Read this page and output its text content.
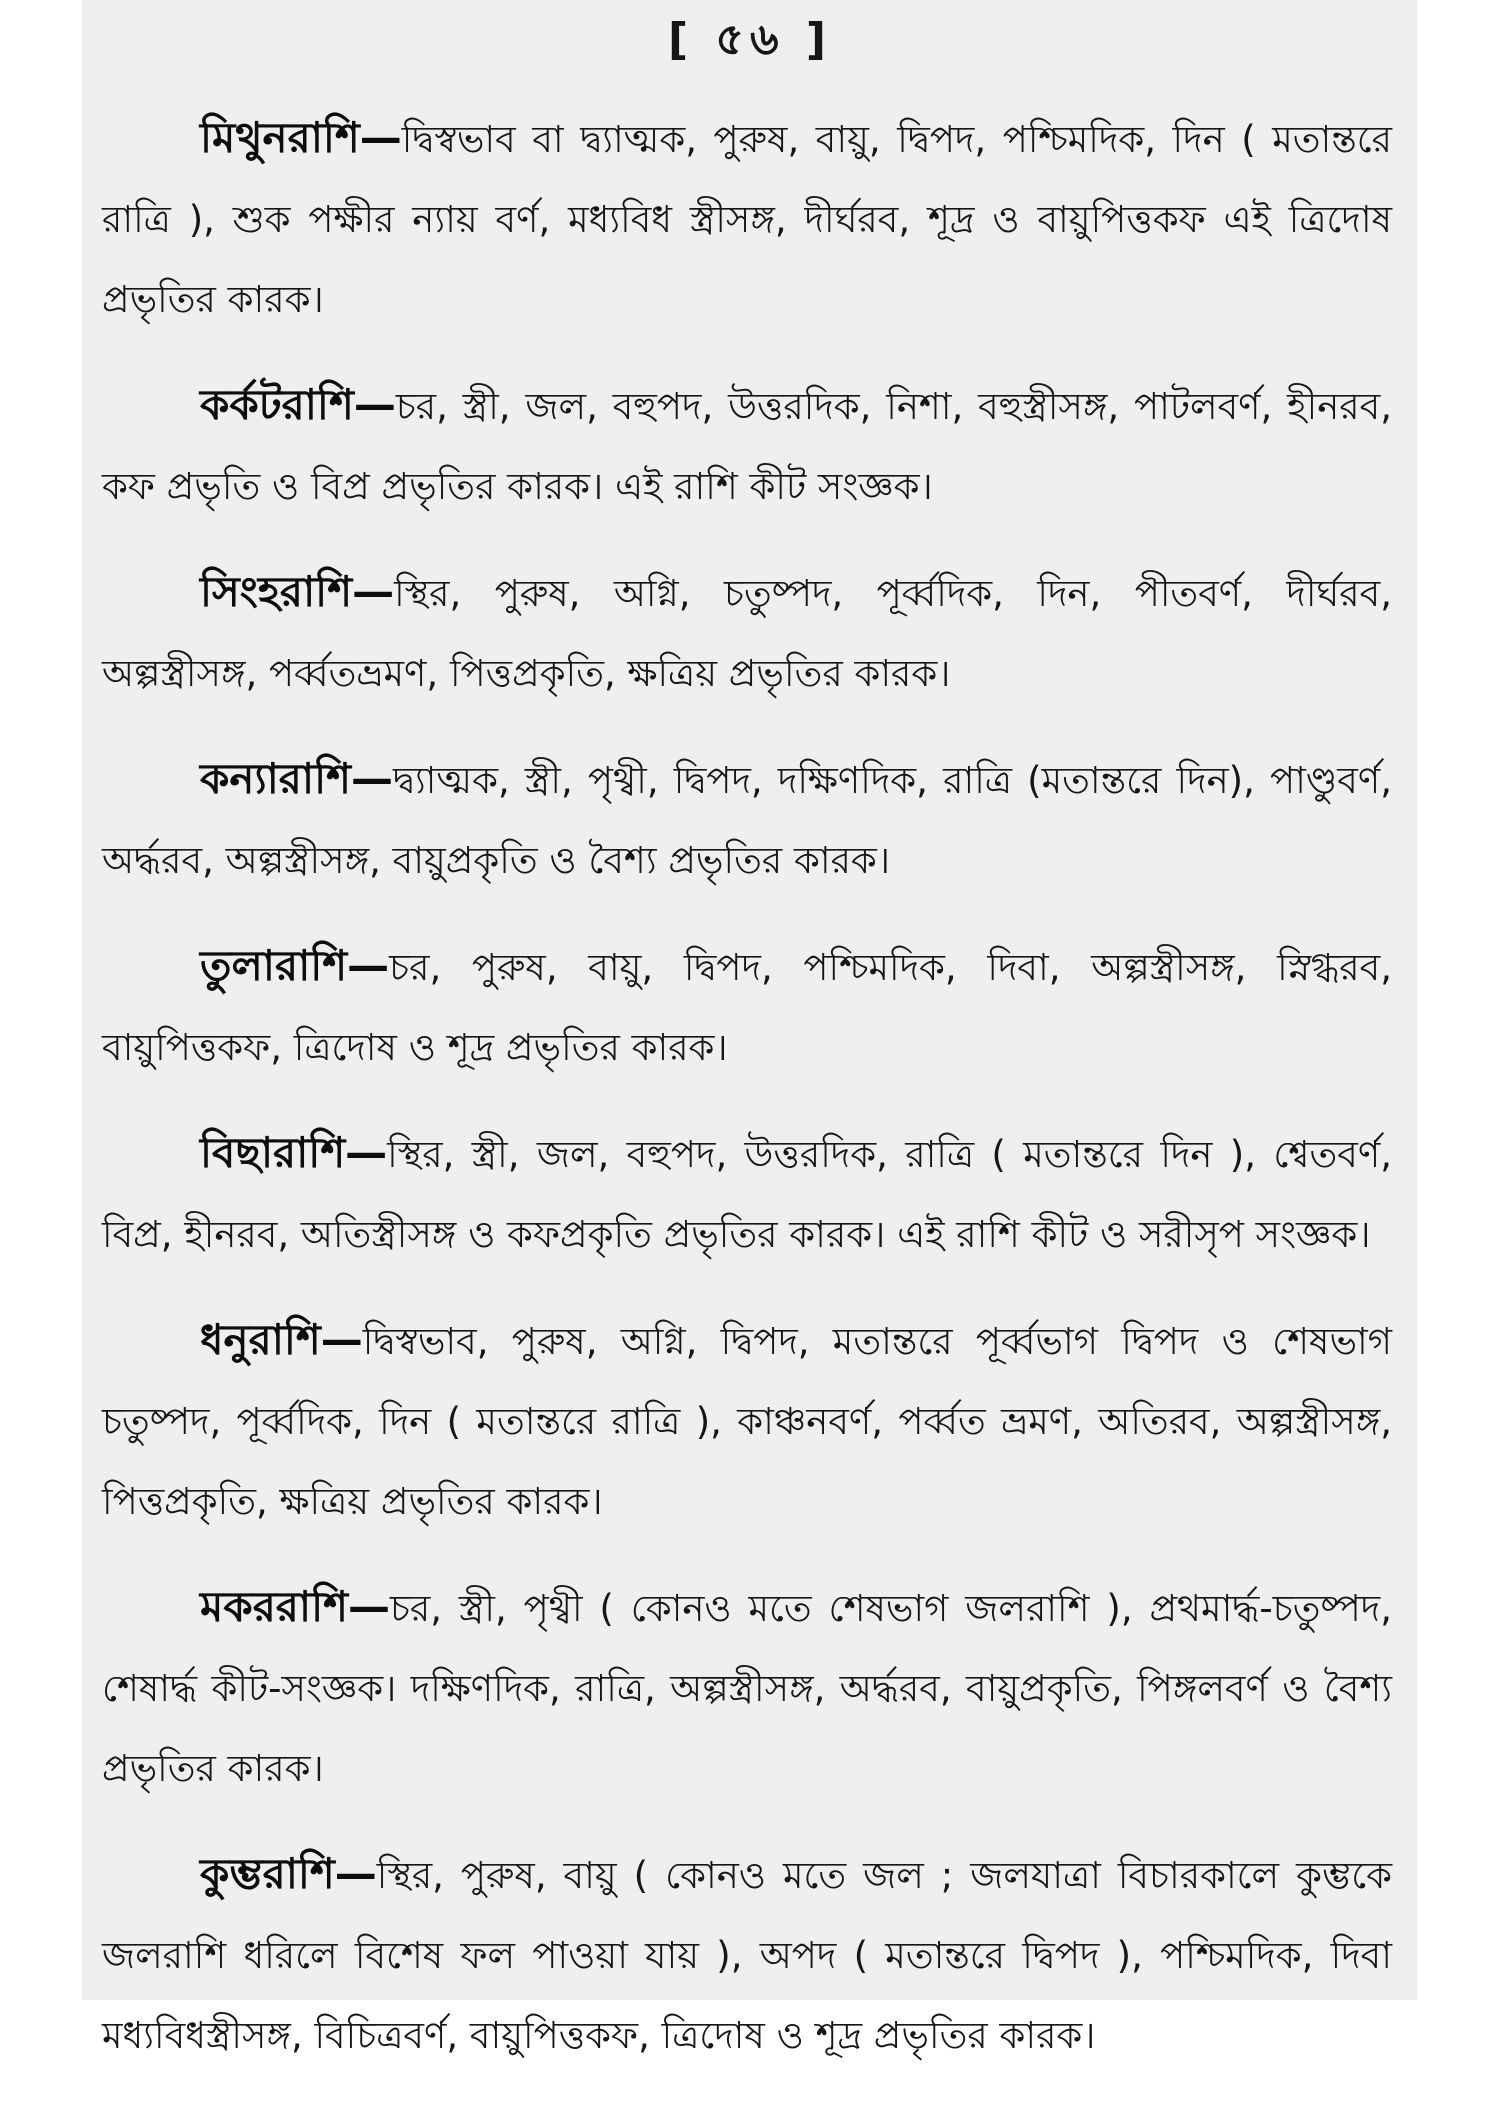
[ ৫৬ ]

মিথুনরাশি—দ্বিস্বভাব বা দ্ব্যাত্মক, পুরুষ, বায়ু, দ্বিপদ, পশ্চিমদিক, দিন ( মতান্তরে রাত্রি ), শুক পক্ষীর ন্যায় বর্ণ, মধ্যবিধ স্ত্রীসঙ্গ, দীর্ঘরব, শূদ্র ও বায়ুপিত্তকফ এই ত্রিদোষ প্রভৃতির কারক।

কর্কটরাশি—চর, স্ত্রী, জল, বহুপদ, উত্তরদিক, নিশা, বহুস্ত্রীসঙ্গ, পাটলবর্ণ, হীনরব, কফ প্রভৃতি ও বিপ্র প্রভৃতির কারক। এই রাশি কীট সংজ্ঞক।

সিংহরাশি—স্থির, পুরুষ, অগ্নি, চতুষ্পদ, পূর্ব্বদিক, দিন, পীতবর্ণ, দীর্ঘরব, অল্পস্ত্রীসঙ্গ, পর্ব্বতভ্রমণ, পিত্তপ্রকৃতি, ক্ষত্রিয় প্রভৃতির কারক।

কন্যারাশি—দ্ব্যাত্মক, স্ত্রী, পৃথ্বী, দ্বিপদ, দক্ষিণদিক, রাত্রি (মতান্তরে দিন), পাণ্ডুবর্ণ, অর্দ্ধরব, অল্পস্ত্রীসঙ্গ, বায়ুপ্রকৃতি ও বৈশ্য প্রভৃতির কারক।

তুলারাশি—চর, পুরুষ, বায়ু, দ্বিপদ, পশ্চিমদিক, দিবা, অল্পস্ত্রীসঙ্গ, স্নিগ্ধরব, বায়ুপিত্তকফ, ত্রিদোষ ও শূদ্র প্রভৃতির কারক।

বিছারাশি—স্থির, স্ত্রী, জল, বহুপদ, উত্তরদিক, রাত্রি ( মতান্তরে দিন ), শ্বেতবর্ণ, বিপ্র, হীনরব, অতিস্ত্রীসঙ্গ ও কফপ্রকৃতি প্রভৃতির কারক। এই রাশি কীট ও সরীসৃপ সংজ্ঞক।

ধনুরাশি—দ্বিস্বভাব, পুরুষ, অগ্নি, দ্বিপদ, মতান্তরে পূর্ব্বভাগ দ্বিপদ ও শেষভাগ চতুষ্পদ, পূর্ব্বদিক, দিন ( মতান্তরে রাত্রি ), কাঞ্চনবর্ণ, পর্ব্বত ভ্রমণ, অতিরব, অল্পস্ত্রীসঙ্গ, পিত্তপ্রকৃতি, ক্ষত্রিয় প্রভৃতির কারক।

মকররাশি—চর, স্ত্রী, পৃথ্বী ( কোনও মতে শেষভাগ জলরাশি ), প্রথমার্দ্ধ-চতুষ্পদ, শেষার্দ্ধ কীট-সংজ্ঞক। দক্ষিণদিক, রাত্রি, অল্পস্ত্রীসঙ্গ, অর্দ্ধরব, বায়ুপ্রকৃতি, পিঙ্গলবর্ণ ও বৈশ্য প্রভৃতির কারক।

কুম্ভরাশি—স্থির, পুরুষ, বায়ু ( কোনও মতে জল ; জলযাত্রা বিচারকালে কুম্ভকে জলরাশি ধরিলে বিশেষ ফল পাওয়া যায় ), অপদ ( মতান্তরে দ্বিপদ ), পশ্চিমদিক, দিবা মধ্যবিধস্ত্রীসঙ্গ, বিচিত্রবর্ণ, বায়ুপিত্তকফ, ত্রিদোষ ও শূদ্র প্রভৃতির কারক।
